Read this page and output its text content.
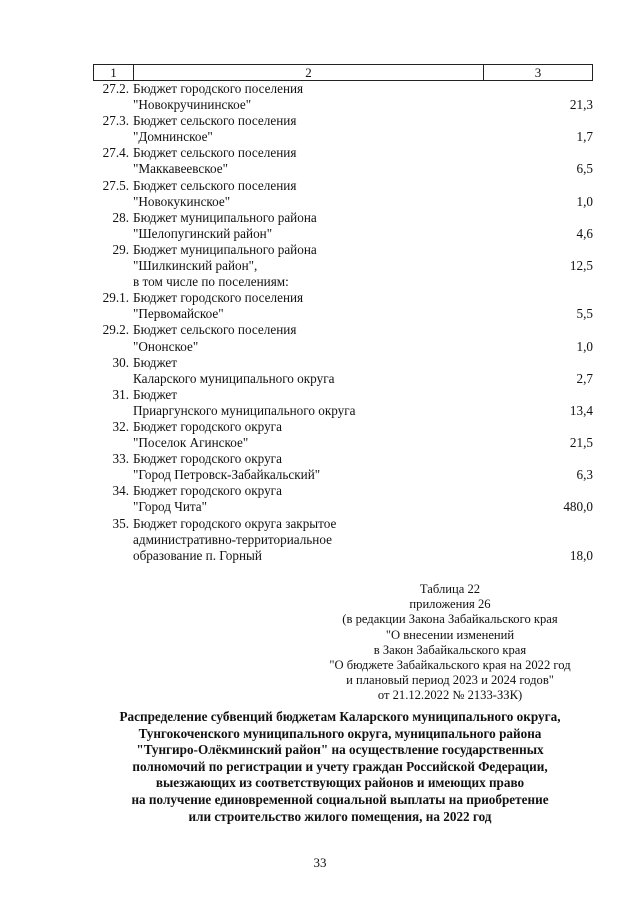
1	2	3
27.2. Бюджет городского поселения
"Новокручининское"	21,3
27.3. Бюджет сельского поселения
"Домнинское"	1,7
27.4. Бюджет сельского поселения
"Маккавеевское"	6,5
27.5. Бюджет сельского поселения
"Новокукинское"	1,0
28. Бюджет муниципального района
"Шелопугинский район"	4,6
29. Бюджет муниципального района
"Шилкинский район",	12,5
в том числе по поселениям:
29.1. Бюджет городского поселения
"Первомайское"	5,5
29.2. Бюджет сельского поселения
"Ононское"	1,0
30. Бюджет
Каларского муниципального округа	2,7
31. Бюджет
Приаргунского муниципального округа	13,4
32. Бюджет городского округа
"Поселок Агинское"	21,5
33. Бюджет городского округа
"Город Петровск-Забайкальский"	6,3
34. Бюджет городского округа
"Город Чита"	480,0
35. Бюджет городского округа закрытое
административно-территориальное
образование п. Горный	18,0
Таблица 22
приложения 26
(в редакции Закона Забайкальского края
"О внесении изменений
в Закон Забайкальского края
"О бюджете Забайкальского края на 2022 год
и плановый период 2023 и 2024 годов"
от 21.12.2022 № 2133-ЗЗК)
Распределение субвенций бюджетам Каларского муниципального округа,
Тунгокоченского муниципального округа, муниципального района
"Тунгиро-Олёкминский район" на осуществление государственных
полномочий по регистрации и учету граждан Российской Федерации,
выезжающих из соответствующих районов и имеющих право
на получение единовременной социальной выплаты на приобретение
или строительство жилого помещения, на 2022 год
33
